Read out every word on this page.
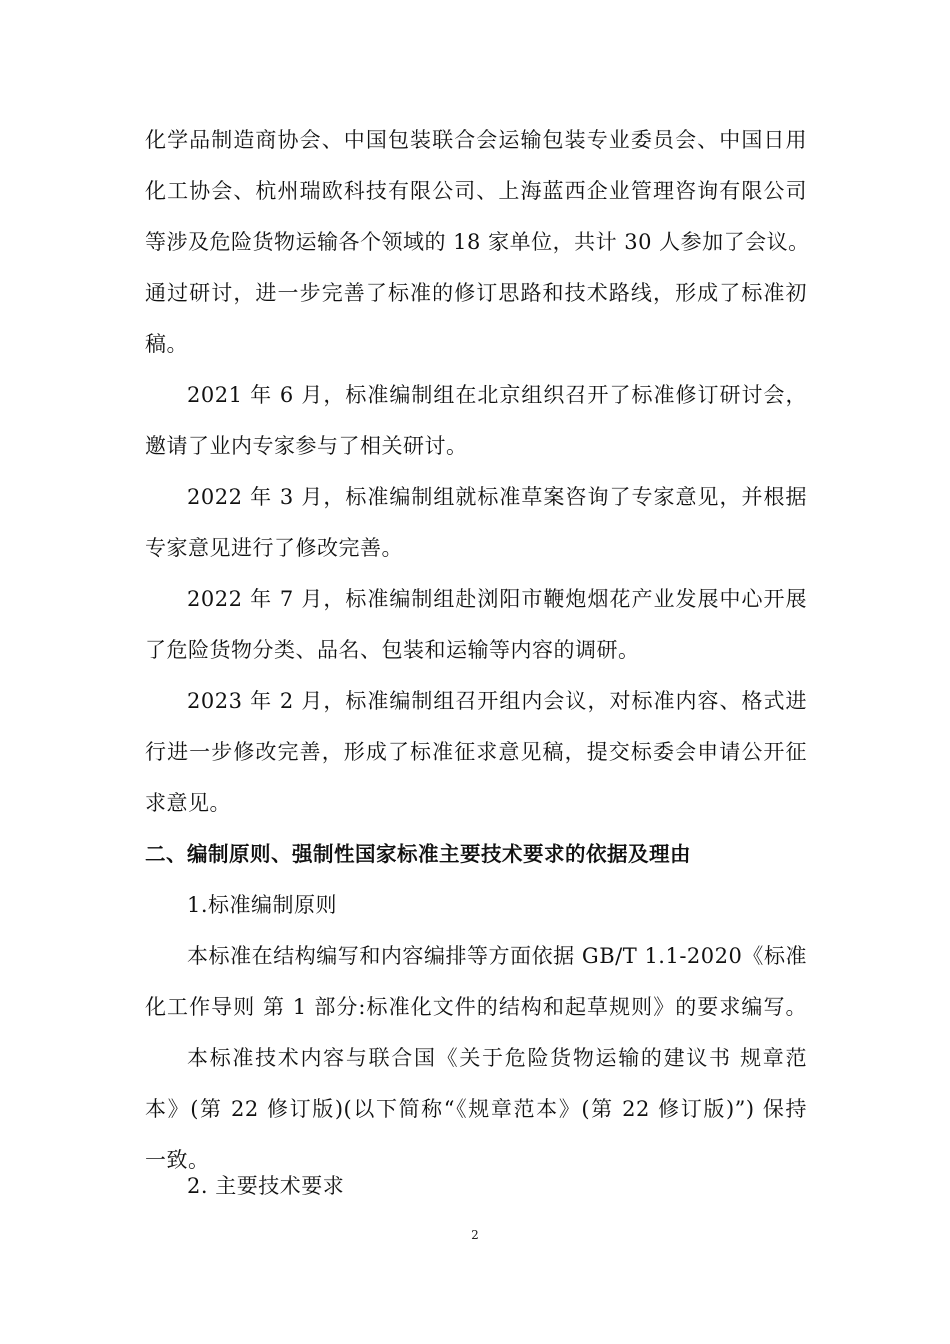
化学品制造商协会、中国包装联合会运输包装专业委员会、中国日用
化工协会、杭州瑞欧科技有限公司、上海蓝西企业管理咨询有限公司
等涉及危险货物运输各个领域的 18 家单位，共计 30 人参加了会议。
通过研讨，进一步完善了标准的修订思路和技术路线，形成了标准初
稿。
2021 年 6 月，标准编制组在北京组织召开了标准修订研讨会，
邀请了业内专家参与了相关研讨。
2022 年 3 月，标准编制组就标准草案咨询了专家意见，并根据
专家意见进行了修改完善。
2022 年 7 月，标准编制组赴浏阳市鞭炮烟花产业发展中心开展
了危险货物分类、品名、包装和运输等内容的调研。
2023 年 2 月，标准编制组召开组内会议，对标准内容、格式进
行进一步修改完善，形成了标准征求意见稿，提交标委会申请公开征
求意见。
二、编制原则、强制性国家标准主要技术要求的依据及理由
1.标准编制原则
本标准在结构编写和内容编排等方面依据 GB/T 1.1-2020《标准
化工作导则 第 1 部分:标准化文件的结构和起草规则》的要求编写。
本标准技术内容与联合国《关于危险货物运输的建议书 规章范
本》(第 22 修订版)(以下简称“《规章范本》(第 22 修订版)”) 保持
一致。
2. 主要技术要求
2
